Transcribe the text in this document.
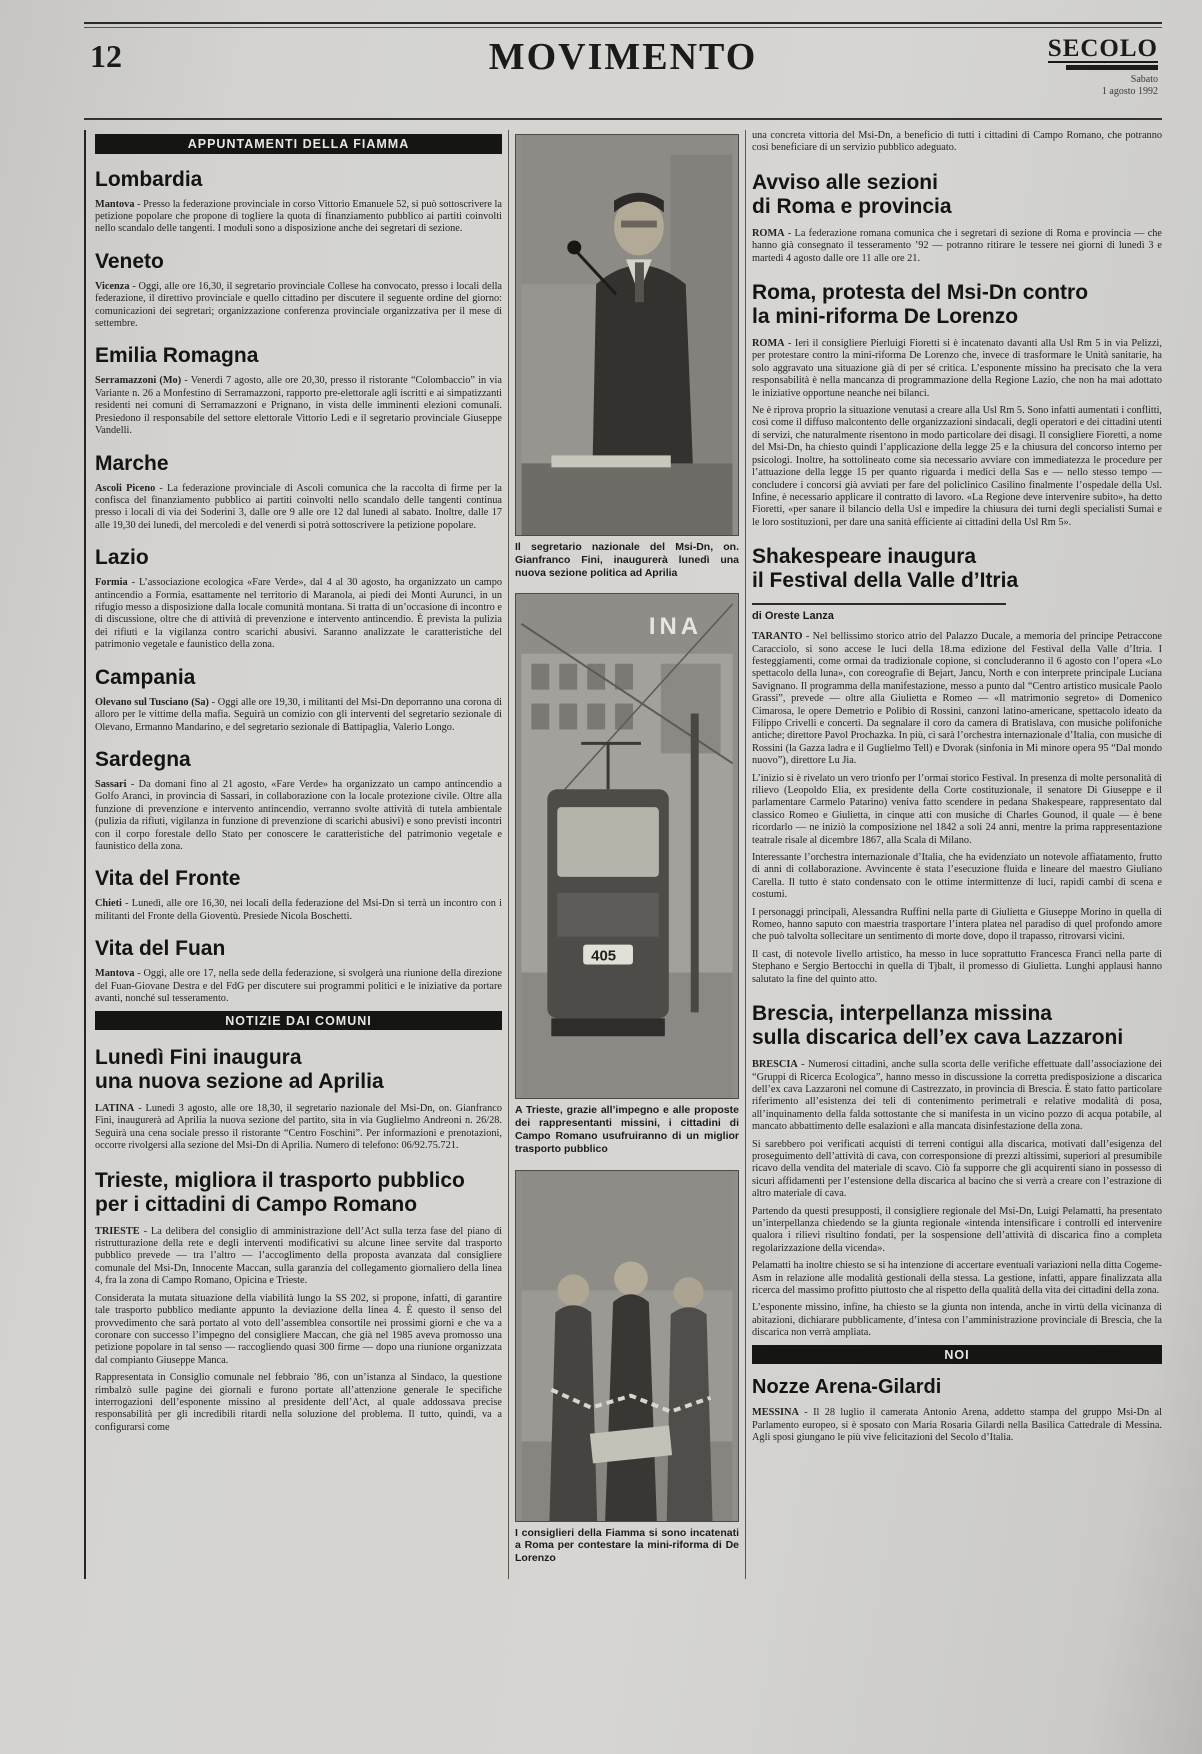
12	MOVIMENTO	SECOLO
Sabato
1 agosto 1992
APPUNTAMENTI DELLA FIAMMA
Lombardia

Mantova - Presso la federazione provinciale in corso Vittorio Emanuele 52, si può sottoscrivere la petizione popolare che propone di togliere la quota di finanziamento pubblico ai partiti coinvolti nello scandalo delle tangenti. I moduli sono a disposizione anche dei segretari di sezione.

Veneto

Vicenza - Oggi, alle ore 16,30, il segretario provinciale Collese ha convocato, presso i locali della federazione, il direttivo provinciale e quello cittadino per discutere il seguente ordine del giorno: comunicazioni dei segretari; organizzazione conferenza provinciale organizzativa per il mese di settembre.

Emilia Romagna

Serramazzoni (Mo) - Venerdì 7 agosto, alle ore 20,30, presso il ristorante “Colombaccio” in via Variante n. 26 a Monfestino di Serramazzoni, rapporto pre-elettorale agli iscritti e ai simpatizzanti residenti nei comuni di Serramazzoni e Prignano, in vista delle imminenti elezioni comunali. Presiedono il responsabile del settore elettorale Vittorio Ledi e il segretario provinciale Giuseppe Vandelli.

Marche

Ascoli Piceno - La federazione provinciale di Ascoli comunica che la raccolta di firme per la confisca del finanziamento pubblico ai partiti coinvolti nello scandalo delle tangenti continua presso i locali di via dei Soderini 3, dalle ore 9 alle ore 12 dal lunedì al sabato. Inoltre, dalle 17 alle 19,30 dei lunedì, del mercoledì e del venerdì si potrà sottoscrivere la petizione popolare.

Lazio

Formia - L’associazione ecologica «Fare Verde», dal 4 al 30 agosto, ha organizzato un campo antincendio a Formia, esattamente nel territorio di Maranola, ai piedi dei Monti Aurunci, in un rifugio messo a disposizione dalla locale comunità montana. Si tratta di un’occasione di incontro e di discussione, oltre che di attività di prevenzione e intervento antincendio. È prevista la pulizia dei rifiuti e la vigilanza contro scarichi abusivi. Saranno analizzate le caratteristiche del patrimonio vegetale e faunistico della zona.

Campania

Olevano sul Tusciano (Sa) - Oggi alle ore 19,30, i militanti del Msi-Dn deporranno una corona di alloro per le vittime della mafia. Seguirà un comizio con gli interventi del segretario sezionale di Olevano, Ermanno Mandarino, e del segretario sezionale di Battipaglia, Valerio Longo.

Sardegna

Sassari - Da domani fino al 21 agosto, «Fare Verde» ha organizzato un campo antincendio a Golfo Aranci, in provincia di Sassari, in collaborazione con la locale protezione civile. Oltre alla funzione di prevenzione e intervento antincendio, verranno svolte attività di tutela ambientale (pulizia da rifiuti, vigilanza in funzione di prevenzione di scarichi abusivi) e sono previsti incontri con il corpo forestale dello Stato per conoscere le caratteristiche del patrimonio vegetale e faunistico della zona.

Vita del Fronte

Chieti - Lunedì, alle ore 16,30, nei locali della federazione del Msi-Dn si terrà un incontro con i militanti del Fronte della Gioventù. Presiede Nicola Boschetti.

Vita del Fuan

Mantova - Oggi, alle ore 17, nella sede della federazione, si svolgerà una riunione della direzione del Fuan-Giovane Destra e del FdG per discutere sui programmi politici e le iniziative da portare avanti, nonché sul tesseramento.

NOTIZIE DAI COMUNI
Lunedì Fini inaugura
una nuova sezione ad Aprilia

LATINA - Lunedì 3 agosto, alle ore 18,30, il segretario nazionale del Msi-Dn, on. Gianfranco Fini, inaugurerà ad Aprilia la nuova sezione del partito, sita in via Guglielmo Andreoni n. 26/28. Seguirà una cena sociale presso il ristorante “Centro Foschini”. Per informazioni e prenotazioni, occorre rivolgersi alla sezione del Msi-Dn di Aprilia. Numero di telefono: 06/92.75.721.

Trieste, migliora il trasporto pubblico
per i cittadini di Campo Romano

TRIESTE - La delibera del consiglio di amministrazione dell’Act sulla terza fase del piano di ristrutturazione della rete e degli interventi modificativi su alcune linee servite dal trasporto pubblico prevede — tra l’altro — l’accoglimento della proposta avanzata dal consigliere comunale del Msi-Dn, Innocente Maccan, sulla garanzia del collegamento giornaliero della linea 4, fra la zona di Campo Romano, Opicina e Trieste.

Considerata la mutata situazione della viabilità lungo la SS 202, si propone, infatti, di garantire tale trasporto pubblico mediante appunto la deviazione della linea 4. È questo il senso del provvedimento che sarà portato al voto dell’assemblea consortile nei prossimi giorni e che va a coronare con successo l’impegno del consigliere Maccan, che già nel 1985 aveva promosso una petizione popolare in tal senso — raccogliendo quasi 300 firme — dopo una riunione organizzata dal compianto Giuseppe Manca.

Rappresentata in Consiglio comunale nel febbraio ’86, con un’istanza al Sindaco, la questione rimbalzò sulle pagine dei giornali e furono portate all’attenzione generale le specifiche interrogazioni dell’esponente missino al presidente dell’Act, al quale addossava precise responsabilità per gli incredibili ritardi nella soluzione del problema. Il tutto, quindi, va a configurarsi come

Il segretario nazionale del Msi-Dn, on. Gianfranco Fini, inaugurerà lunedì una nuova sezione politica ad Aprilia
INA
405
A Trieste, grazie all’impegno e alle proposte dei rappresentanti missini, i cittadini di Campo Romano usufruiranno di un miglior trasporto pubblico
I consiglieri della Fiamma si sono incatenati a Roma per contestare la mini-riforma di De Lorenzo

una concreta vittoria del Msi-Dn, a beneficio di tutti i cittadini di Campo Romano, che potranno così beneficiare di un servizio pubblico adeguato.

Avviso alle sezioni
di Roma e provincia

ROMA - La federazione romana comunica che i segretari di sezione di Roma e provincia — che hanno già consegnato il tesseramento ’92 — potranno ritirare le tessere nei giorni di lunedì 3 e martedì 4 agosto dalle ore 11 alle ore 21.

Roma, protesta del Msi-Dn contro
la mini-riforma De Lorenzo

ROMA - Ieri il consigliere Pierluigi Fioretti si è incatenato davanti alla Usl Rm 5 in via Pelizzi, per protestare contro la mini-riforma De Lorenzo che, invece di trasformare le Unità sanitarie, ha solo aggravato una situazione già di per sé critica. L’esponente missino ha precisato che la vera responsabilità è nella mancanza di programmazione della Regione Lazio, che non ha mai adottato le iniziative opportune neanche nei bilanci.

Ne è riprova proprio la situazione venutasi a creare alla Usl Rm 5. Sono infatti aumentati i conflitti, così come il diffuso malcontento delle organizzazioni sindacali, degli operatori e dei cittadini utenti di servizi, che naturalmente risentono in modo particolare dei disagi. Il consigliere Fioretti, a nome del Msi-Dn, ha chiesto quindi l’applicazione della legge 25 e la chiusura del concorso interno per psicologi. Inoltre, ha sottolineato come sia necessario avviare con immediatezza le procedure per l’attuazione della legge 15 per quanto riguarda i medici della Sas e — nello stesso tempo — concludere i concorsi già avviati per fare del policlinico Casilino finalmente l’ospedale della Usl. Infine, è necessario applicare il contratto di lavoro. «La Regione deve intervenire subito», ha detto Fioretti, «per sanare il bilancio della Usl e impedire la chiusura dei turni degli specialisti Sumai e le loro sostituzioni, per dare una sanità efficiente ai cittadini della Usl Rm 5».

Shakespeare inaugura
il Festival della Valle d’Itria
di Oreste Lanza

TARANTO - Nel bellissimo storico atrio del Palazzo Ducale, a memoria del principe Petraccone Caracciolo, si sono accese le luci della 18.ma edizione del Festival della Valle d’Itria. I festeggiamenti, come ormai da tradizionale copione, si concluderanno il 6 agosto con l’opera «Lo spettacolo della luna», con coreografie di Bejart, Jancu, North e con interprete principale Luciana Savignano. Il programma della manifestazione, messo a punto dal “Centro artistico musicale Paolo Grassi”, prevede — oltre alla Giulietta e Romeo — «Il matrimonio segreto» di Domenico Cimarosa, le opere Demetrio e Polibio di Rossini, canzoni latino-americane, spettacolo ideato da Filippo Crivelli e concerti. Da segnalare il coro da camera di Bratislava, con musiche polifoniche antiche; direttore Pavol Prochazka. In più, ci sarà l’orchestra internazionale d’Italia, con musiche di Rossini (la Gazza ladra e il Guglielmo Tell) e Dvorak (sinfonia in Mi minore opera 95 “Dal mondo nuovo”), direttore Lu Jia.

L’inizio si è rivelato un vero trionfo per l’ormai storico Festival. In presenza di molte personalità di rilievo (Leopoldo Elia, ex presidente della Corte costituzionale, il senatore Di Giuseppe e il parlamentare Carmelo Patarino) veniva fatto scendere in pedana Shakespeare, rappresentato dal classico Romeo e Giulietta, in cinque atti con musiche di Charles Gounod, il quale — è bene ricordarlo — ne iniziò la composizione nel 1842 a soli 24 anni, mentre la prima rappresentazione teatrale risale al dicembre 1867, alla Scala di Milano.

Interessante l’orchestra internazionale d’Italia, che ha evidenziato un notevole affiatamento, frutto di anni di collaborazione. Avvincente è stata l’esecuzione fluida e lineare del maestro Giuliano Carella. Il tutto è stato condensato con le ottime intermittenze di luci, rapidi cambi di scena e costumi.

I personaggi principali, Alessandra Ruffini nella parte di Giulietta e Giuseppe Morino in quella di Romeo, hanno saputo con maestria trasportare l’intera platea nel paradiso di quel profondo amore che può talvolta sollecitare un sentimento di morte dove, dopo il trapasso, ritrovarsi vicini.

Il cast, di notevole livello artistico, ha messo in luce soprattutto Francesca Franci nella parte di Stephano e Sergio Bertocchi in quella di Tjbalt, il promesso di Giulietta. Lunghi applausi hanno salutato la fine del quinto atto.

Brescia, interpellanza missina
sulla discarica dell’ex cava Lazzaroni

BRESCIA - Numerosi cittadini, anche sulla scorta delle verifiche effettuate dall’associazione dei “Gruppi di Ricerca Ecologica”, hanno messo in discussione la corretta predisposizione a discarica dell’ex cava Lazzaroni nel comune di Castrezzato, in provincia di Brescia. È stato fatto particolare riferimento all’esistenza dei teli di contenimento perimetrali e relative modalità di posa, all’inquinamento della falda sottostante che si manifesta in un vicino pozzo di acqua potabile, al mancato abbattimento delle esalazioni e alla mancata disinfestazione della zona.

Si sarebbero poi verificati acquisti di terreni contigui alla discarica, motivati dall’esigenza del proseguimento dell’attività di cava, con corresponsione di prezzi altissimi, superiori al presumibile ricavo della vendita del materiale di scavo. Ciò fa supporre che gli acquirenti siano in possesso di sicuri affidamenti per l’estensione della discarica al bacino che si verrà a creare con l’estrazione di altro materiale di cava.

Partendo da questi presupposti, il consigliere regionale del Msi-Dn, Luigi Pelamatti, ha presentato un’interpellanza chiedendo se la giunta regionale «intenda intensificare i controlli ed intervenire qualora i rilievi risultino fondati, per la sospensione dell’attività di discarica fino a completa regolarizzazione della vicenda».

Pelamatti ha inoltre chiesto se si ha intenzione di accertare eventuali variazioni nella ditta Cogeme-Asm in relazione alle modalità gestionali della stessa. La gestione, infatti, appare finalizzata alla ricerca del massimo profitto piuttosto che al rispetto della qualità della vita dei cittadini della zona.

L’esponente missino, infine, ha chiesto se la giunta non intenda, anche in virtù della vicinanza di abitazioni, dichiarare pubblicamente, d’intesa con l’amministrazione provinciale di Brescia, che la discarica non verrà ampliata.

NOI
Nozze Arena-Gilardi

MESSINA - Il 28 luglio il camerata Antonio Arena, addetto stampa del gruppo Msi-Dn al Parlamento europeo, si è sposato con Maria Rosaria Gilardi nella Basilica Cattedrale di Messina. Agli sposi giungano le più vive felicitazioni del Secolo d’Italia.
